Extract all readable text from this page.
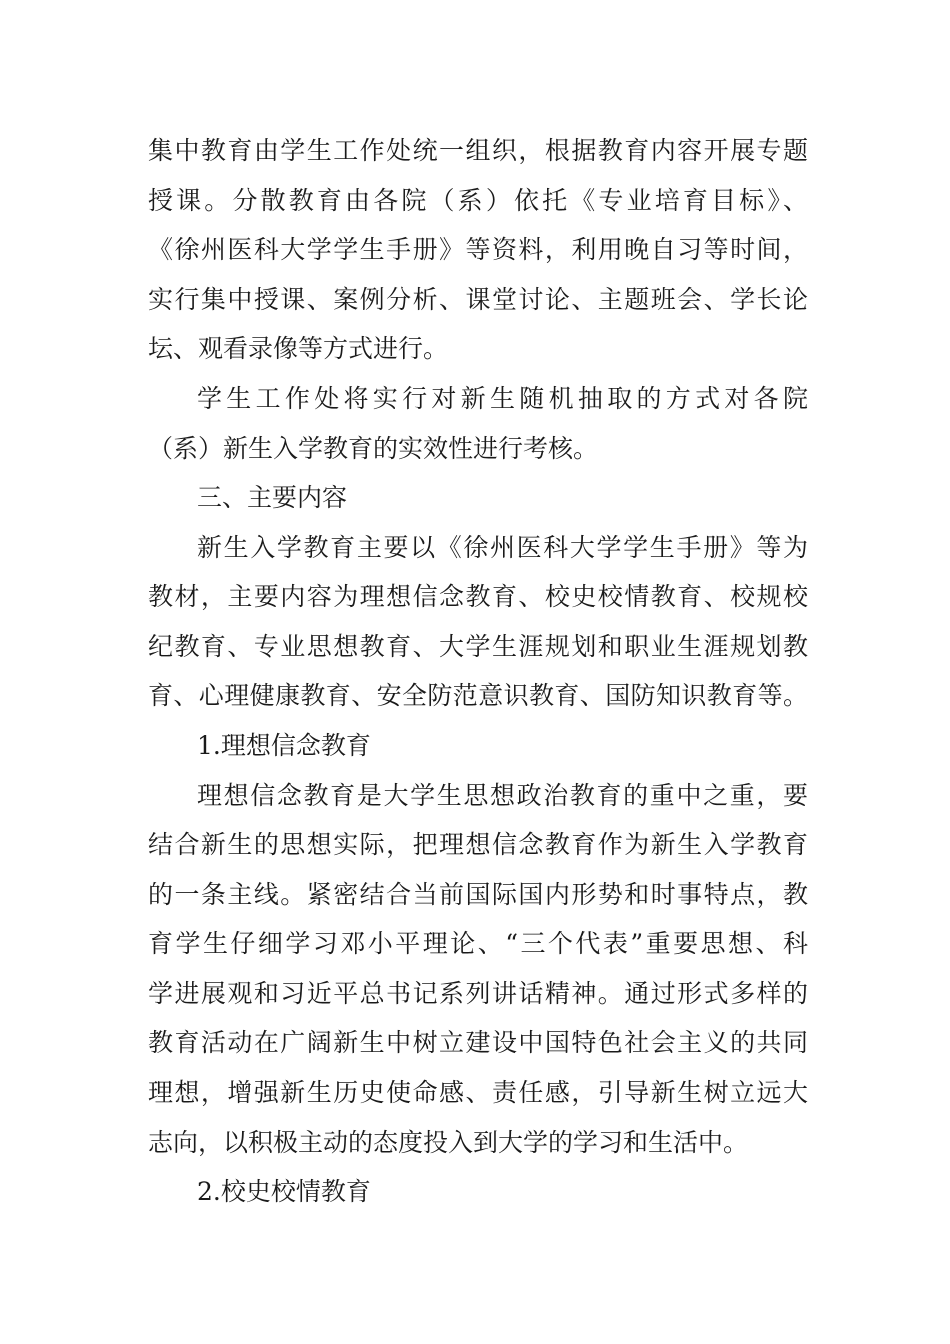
集中教育由学生工作处统一组织，根据教育内容开展专题
授课。分散教育由各院（系）依托《专业培育目标》、
《徐州医科大学学生手册》等资料，利用晚自习等时间，
实行集中授课、案例分析、课堂讨论、主题班会、学长论
坛、观看录像等方式进行。
学生工作处将实行对新生随机抽取的方式对各院
（系）新生入学教育的实效性进行考核。
三、主要内容
新生入学教育主要以《徐州医科大学学生手册》等为
教材，主要内容为理想信念教育、校史校情教育、校规校
纪教育、专业思想教育、大学生涯规划和职业生涯规划教
育、心理健康教育、安全防范意识教育、国防知识教育等。
1.理想信念教育
理想信念教育是大学生思想政治教育的重中之重，要
结合新生的思想实际，把理想信念教育作为新生入学教育
的一条主线。紧密结合当前国际国内形势和时事特点，教
育学生仔细学习邓小平理论、“三个代表”重要思想、科
学进展观和习近平总书记系列讲话精神。通过形式多样的
教育活动在广阔新生中树立建设中国特色社会主义的共同
理想，增强新生历史使命感、责任感，引导新生树立远大
志向，以积极主动的态度投入到大学的学习和生活中。
2.校史校情教育
